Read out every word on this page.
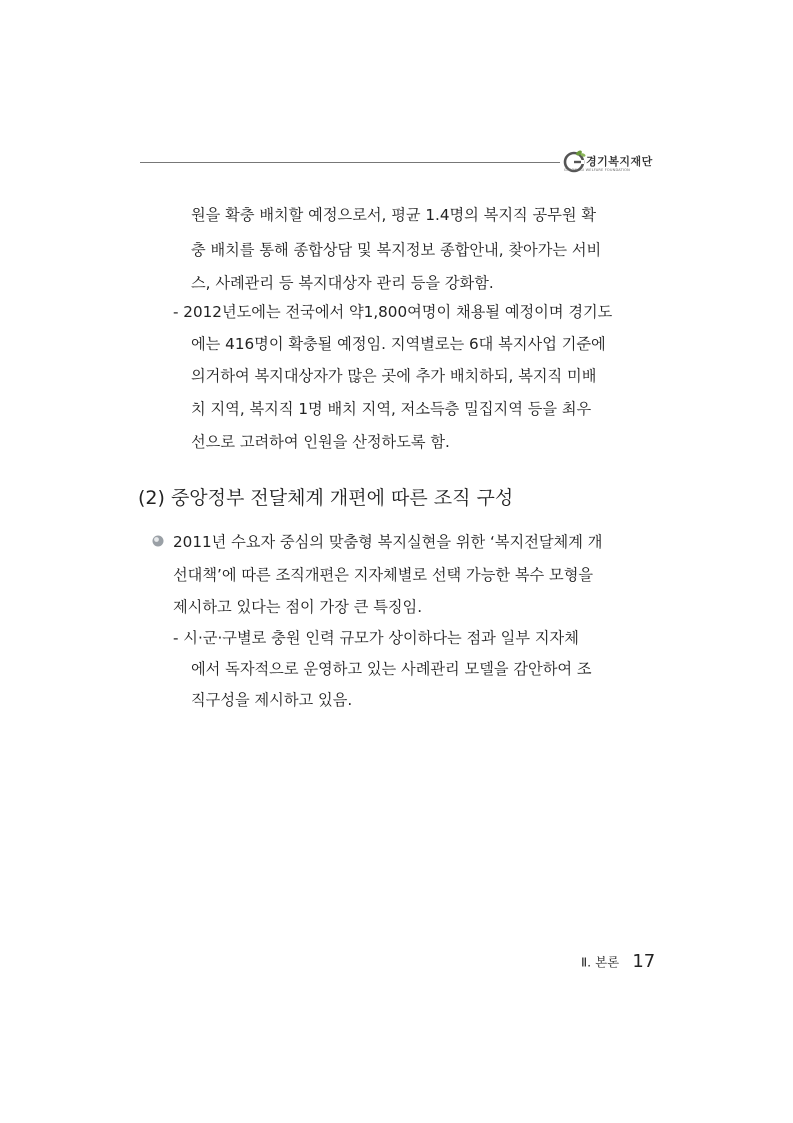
경기복지재단
GYEONGGI WELFARE FOUNDATION
원을 확충 배치할 예정으로서, 평균 1.4명의 복지직 공무원 확
충 배치를 통해 종합상담 및 복지정보 종합안내, 찾아가는 서비
스, 사례관리 등 복지대상자 관리 등을 강화함.
- 2012년도에는 전국에서 약1,800여명이 채용될 예정이며 경기도
에는 416명이 확충될 예정임. 지역별로는 6대 복지사업 기준에
의거하여 복지대상자가 많은 곳에 추가 배치하되, 복지직 미배
치 지역, 복지직 1명 배치 지역, 저소득층 밀집지역 등을 최우
선으로 고려하여 인원을 산정하도록 함.
(2) 중앙정부 전달체계 개편에 따른 조직 구성
2011년 수요자 중심의 맞춤형 복지실현을 위한 ‘복지전달체계 개
선대책’에 따른 조직개편은 지자체별로 선택 가능한 복수 모형을
제시하고 있다는 점이 가장 큰 특징임.
- 시·군·구별로 충원 인력 규모가 상이하다는 점과 일부 지자체
에서 독자적으로 운영하고 있는 사례관리 모델을 감안하여 조
직구성을 제시하고 있음.
Ⅱ. 본론 17
